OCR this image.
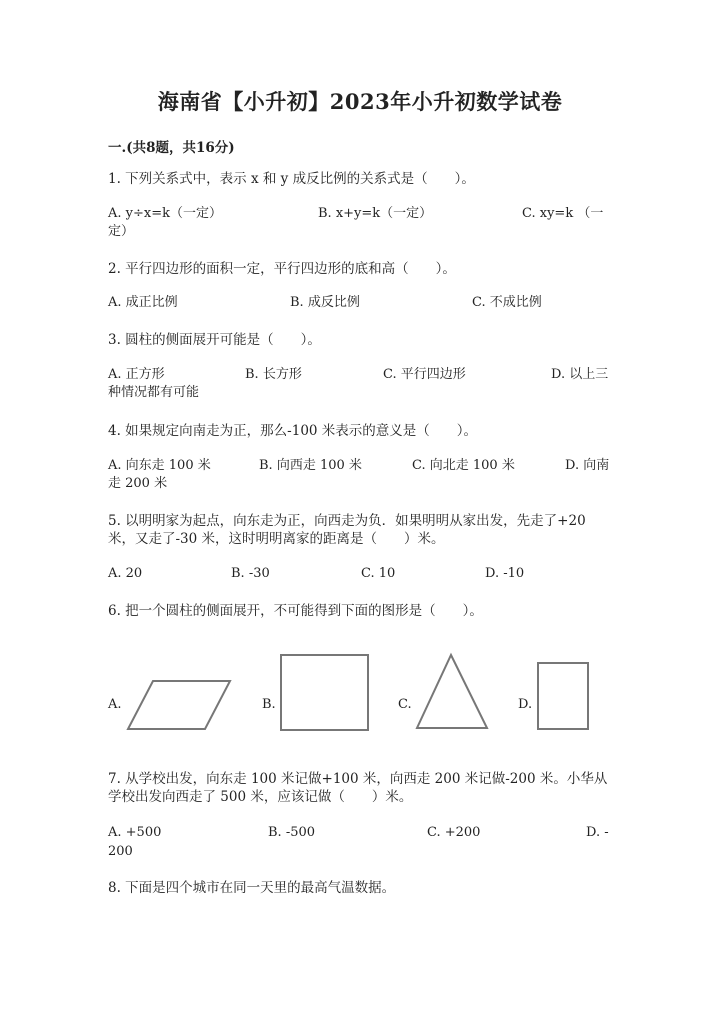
海南省【小升初】2023年小升初数学试卷
一.(共8题，共16分)
1. 下列关系式中，表示 x 和 y 成反比例的关系式是（　　）。
A. y÷x=k（一定）	B. x+y=k（一定）	C. xy=k （一
定）
2. 平行四边形的面积一定，平行四边形的底和高（　　）。
A. 成正比例	B. 成反比例	C. 不成比例
3. 圆柱的侧面展开可能是（　　）。
A. 正方形	B. 长方形	C. 平行四边形	D. 以上三
种情况都有可能
4. 如果规定向南走为正，那么-100 米表示的意义是（　　）。
A. 向东走 100 米	B. 向西走 100 米	C. 向北走 100 米	D. 向南
走 200 米
5. 以明明家为起点，向东走为正，向西走为负．如果明明从家出发，先走了+20
米，又走了-30 米，这时明明离家的距离是（　　）米。
A. 20	B. -30	C. 10	D. -10
6. 把一个圆柱的侧面展开，不可能得到下面的图形是（　　）。
A.	B.	C.	D.
7. 从学校出发，向东走 100 米记做+100 米，向西走 200 米记做-200 米。小华从
学校出发向西走了 500 米，应该记做（　　）米。
A. +500	B. -500	C. +200	D. -
200
8. 下面是四个城市在同一天里的最高气温数据。
